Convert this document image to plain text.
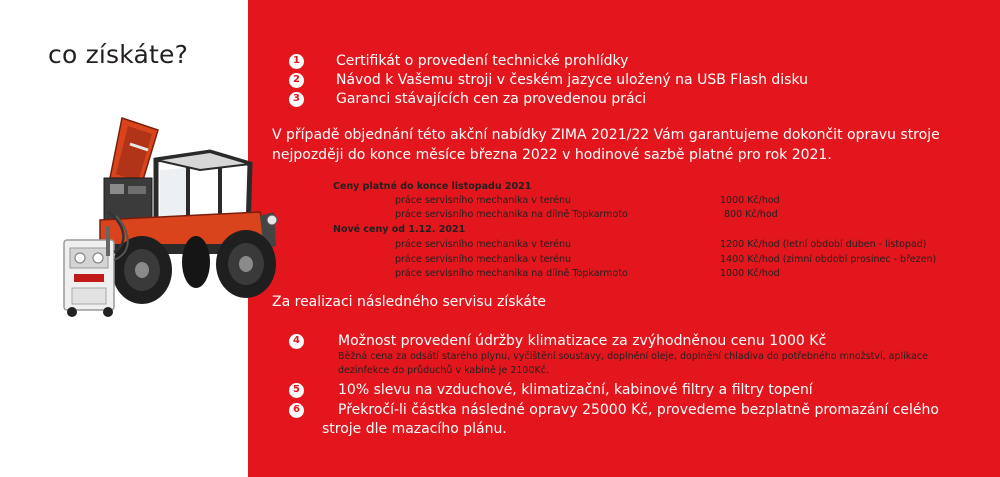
co získáte?	1	Certifikát o provedení technické prohlídky
2	Návod k Vašemu stroji v českém jazyce uložený na USB Flash disku
3	Garanci stávajících cen za provedenou práci
V případě objednání této akční nabídky ZIMA 2021/22 Vám garantujeme dokončit opravu stroje
nejpozději do konce měsíce března 2022 v hodinové sazbě platné pro rok 2021.
Ceny platné do konce listopadu 2021
práce servisního mechanika v terénu	1000 Kč/hod
práce servisního mechanika na dílně Topkarmoto	800 Kč/hod
Nové ceny od 1.12. 2021
práce servisního mechanika v terénu	1200 Kč/hod (letní období duben - listopad)
práce servisního mechanika v terénu	1400 Kč/hod (zimní období prosinec - březen)
práce servisního mechanika na dílně Topkarmoto	1000 Kč/hod
Za realizaci následného servisu získáte
4	Možnost provedení údržby klimatizace za zvýhodněnou cenu 1000 Kč
Běžná cena za odsátí starého plynu, vyčištění soustavy, doplnění oleje, doplnění chladiva do potřebného množství, aplikace dezinfekce do průduchů v kabině je 2100Kč.
5	10% slevu na vzduchové, klimatizační, kabinové filtry a filtry topení
6	Překročí-li částka následné opravy 25000 Kč, provedeme bezplatně promazání celého
stroje dle mazacího plánu.
